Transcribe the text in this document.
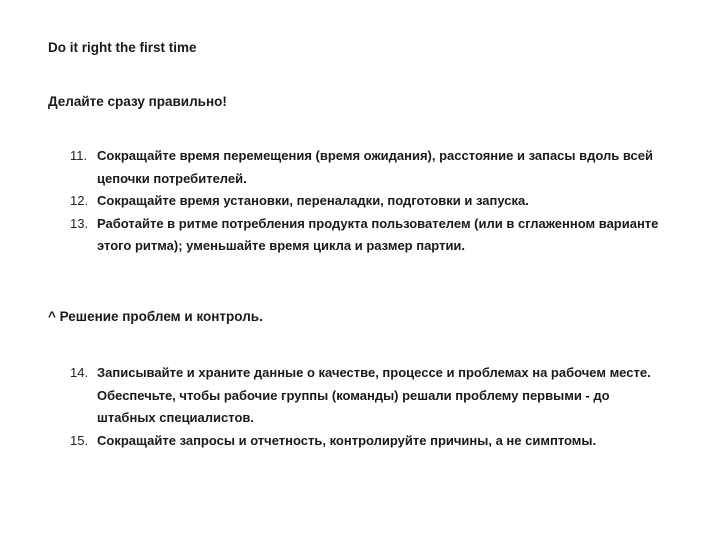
Do it right the first time
Делайте сразу правильно!
11. Сокращайте время перемещения (время ожидания), расстояние и запасы вдоль всей цепочки потребителей.
12. Сокращайте время установки, переналадки, подготовки и запуска.
13. Работайте в ритме потребления продукта пользователем (или в сглаженном варианте этого ритма); уменьшайте время цикла и размер партии.
^ Решение проблем и контроль.
14. Записывайте и храните данные о качестве, процессе и проблемах на рабочем месте. Обеспечьте, чтобы рабочие группы (команды) решали проблему первыми - до штабных специалистов.
15. Сокращайте запросы и отчетность, контролируйте причины, а не симптомы.
